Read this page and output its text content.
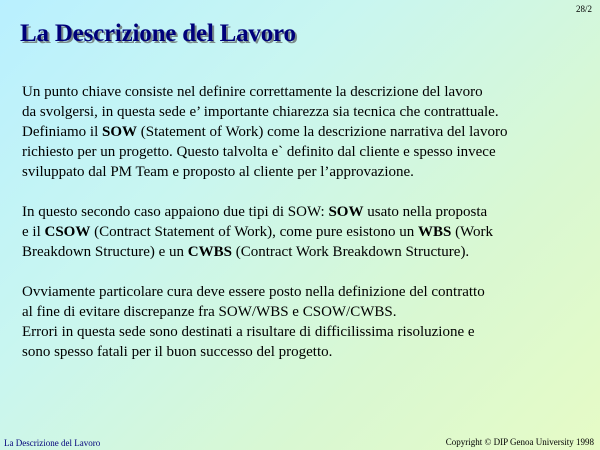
28/2
La Descrizione del Lavoro

Un punto chiave consiste nel definire correttamente la descrizione del lavoro
da svolgersi, in questa sede e’ importante chiarezza sia tecnica che contrattuale.
Definiamo il SOW (Statement of Work) come la descrizione narrativa del lavoro
richiesto per un progetto. Questo talvolta e` definito dal cliente e spesso invece
sviluppato dal PM Team e proposto al cliente per l’approvazione.

In questo secondo caso appaiono due tipi di SOW: SOW usato nella proposta
e il CSOW (Contract Statement of Work), come pure esistono un WBS (Work
Breakdown Structure) e un CWBS (Contract Work Breakdown Structure).

Ovviamente particolare cura deve essere posto nella definizione del contratto
al fine di evitare discrepanze fra SOW/WBS e CSOW/CWBS.
Errori in questa sede sono destinati a risultare di difficilissima risoluzione e
sono spesso fatali per il buon successo del progetto.

La Descrizione del Lavoro	Copyright © DIP Genoa University 1998
